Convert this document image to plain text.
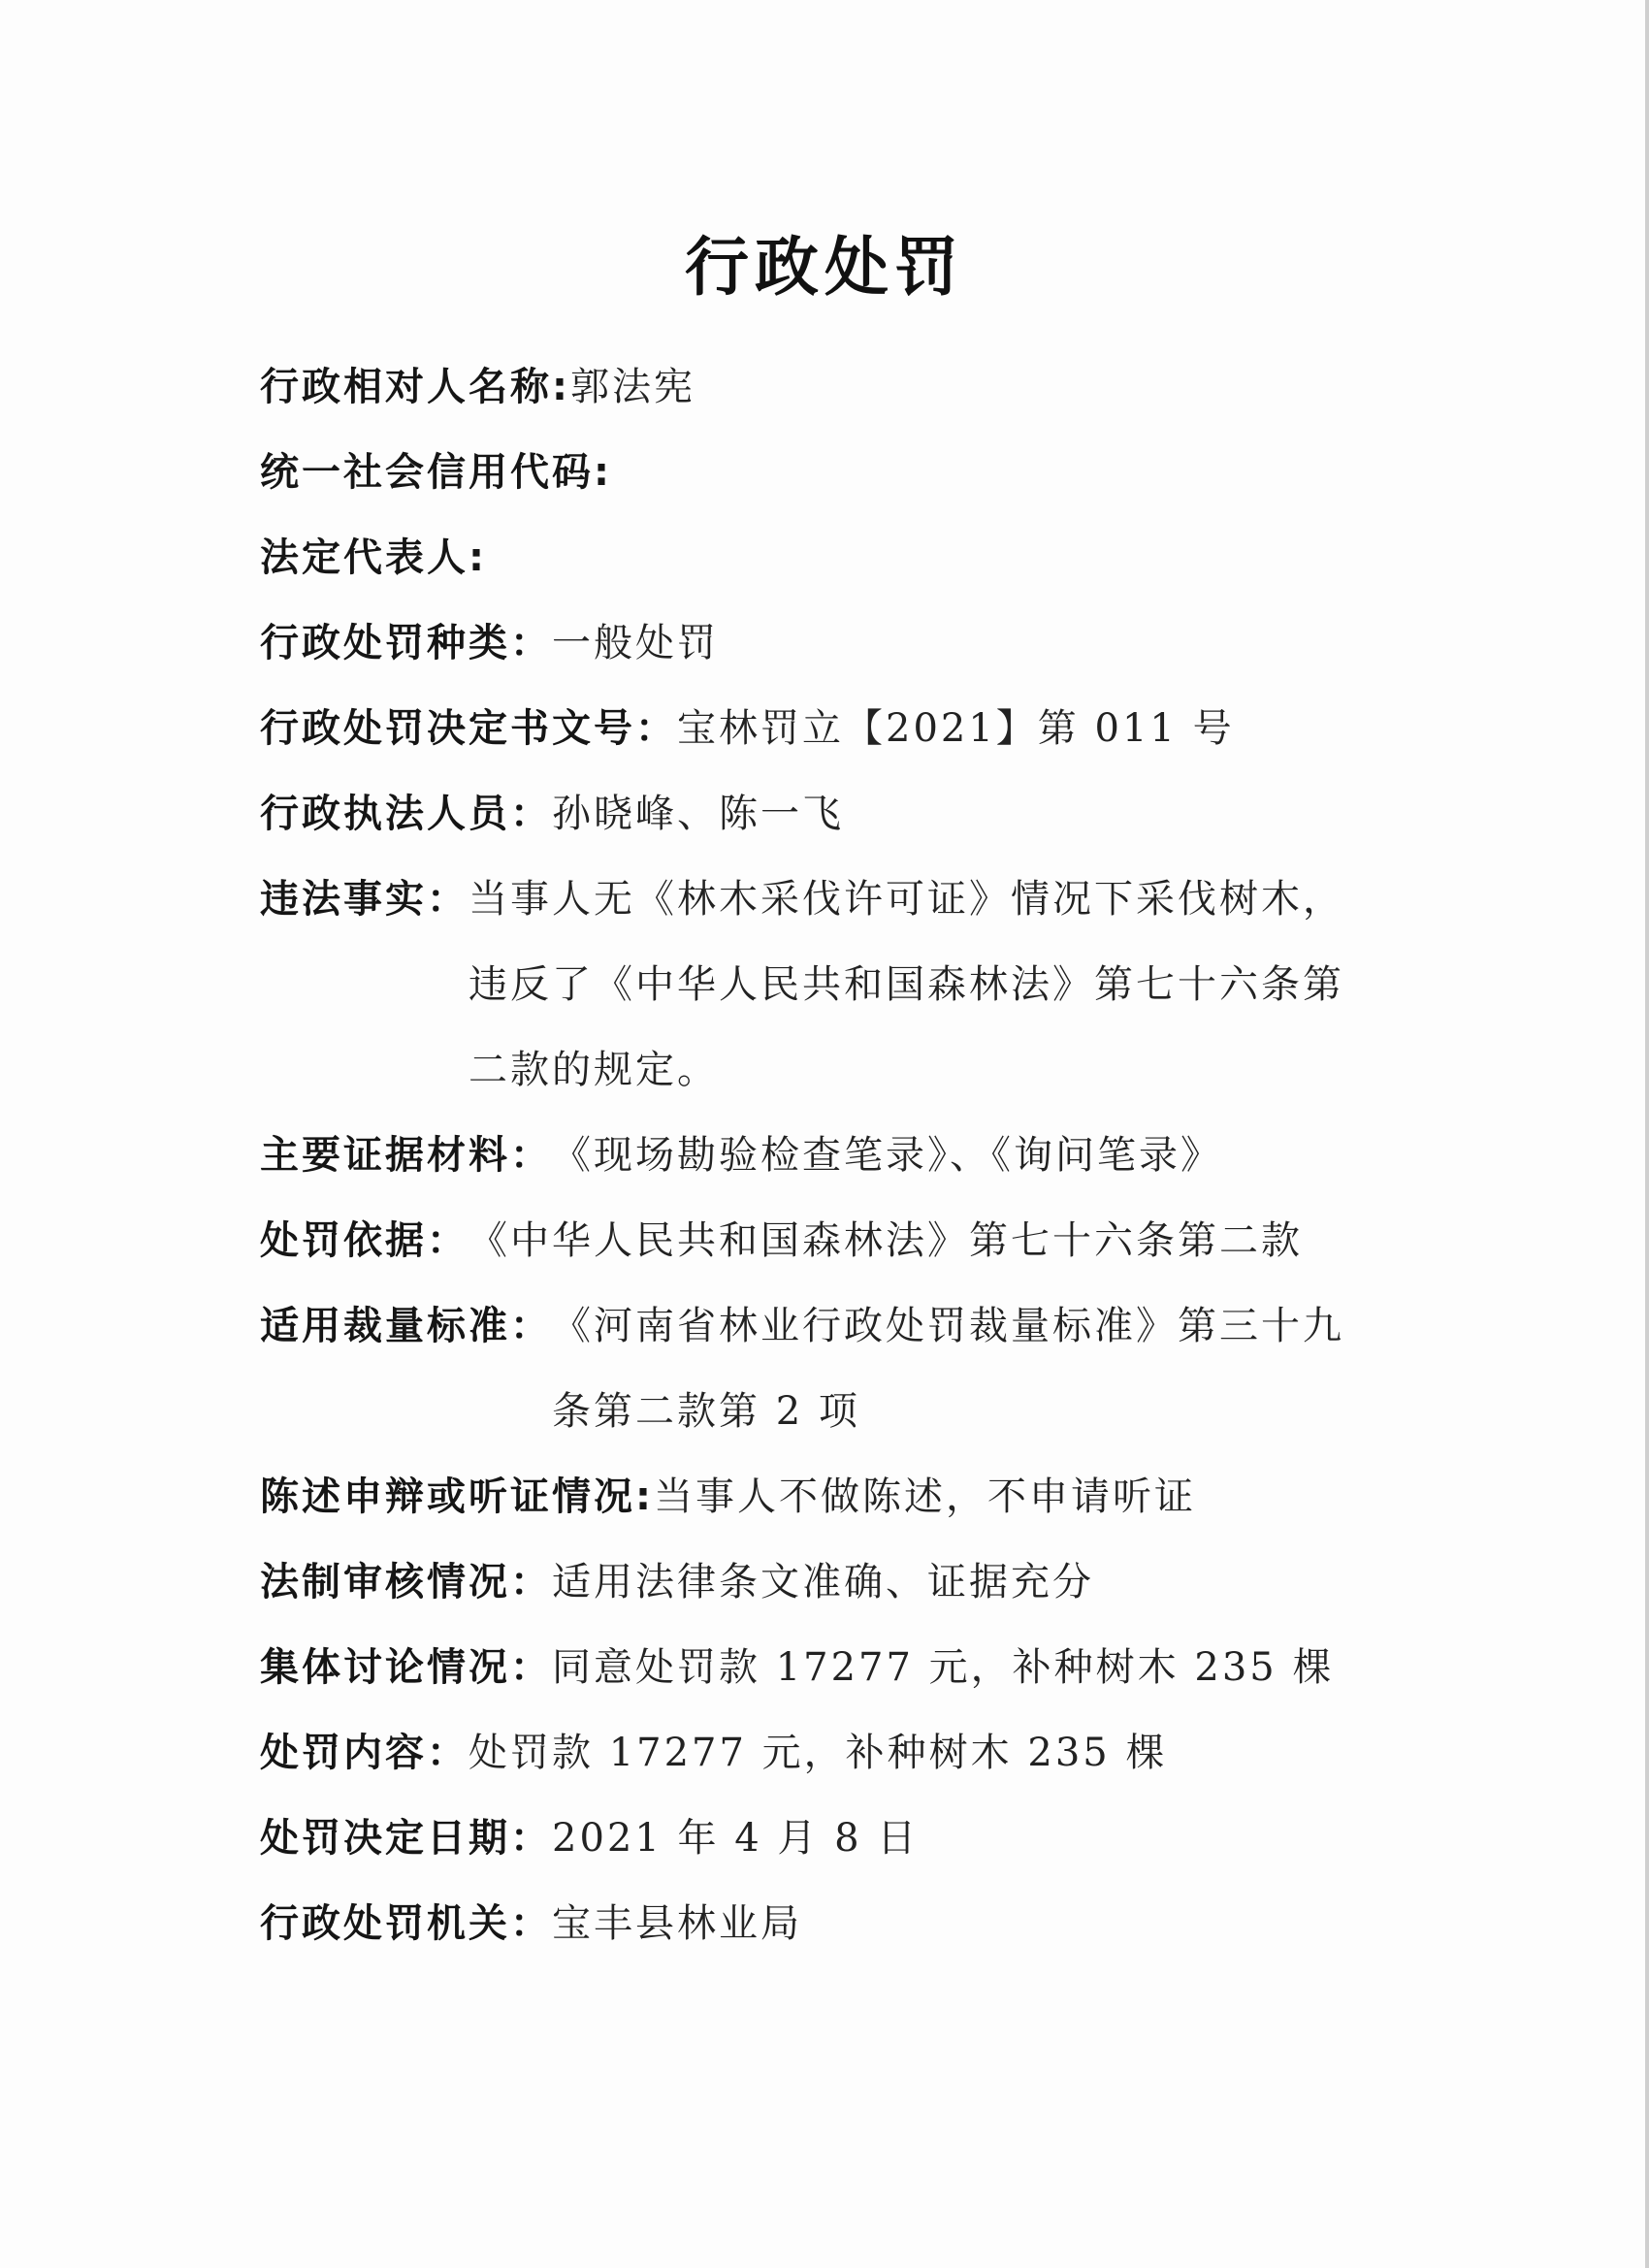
行政处罚
行政相对人名称: 郭法宪
统一社会信用代码:
法定代表人:
行政处罚种类： 一般处罚
行政处罚决定书文号： 宝林罚立【2021】第 011 号
行政执法人员： 孙晓峰、陈一飞
违法事实： 当事人无《林木采伐许可证》情况下采伐树木，
违反了《中华人民共和国森林法》第七十六条第
二款的规定。
主要证据材料： 《现场勘验检查笔录》、《询问笔录》
处罚依据： 《中华人民共和国森林法》第七十六条第二款
适用裁量标准： 《河南省林业行政处罚裁量标准》第三十九
条第二款第 2 项
陈述申辩或听证情况: 当事人不做陈述，不申请听证
法制审核情况： 适用法律条文准确、证据充分
集体讨论情况： 同意处罚款 17277 元，补种树木 235 棵
处罚内容： 处罚款 17277 元，补种树木 235 棵
处罚决定日期： 2021 年 4 月 8 日
行政处罚机关： 宝丰县林业局
